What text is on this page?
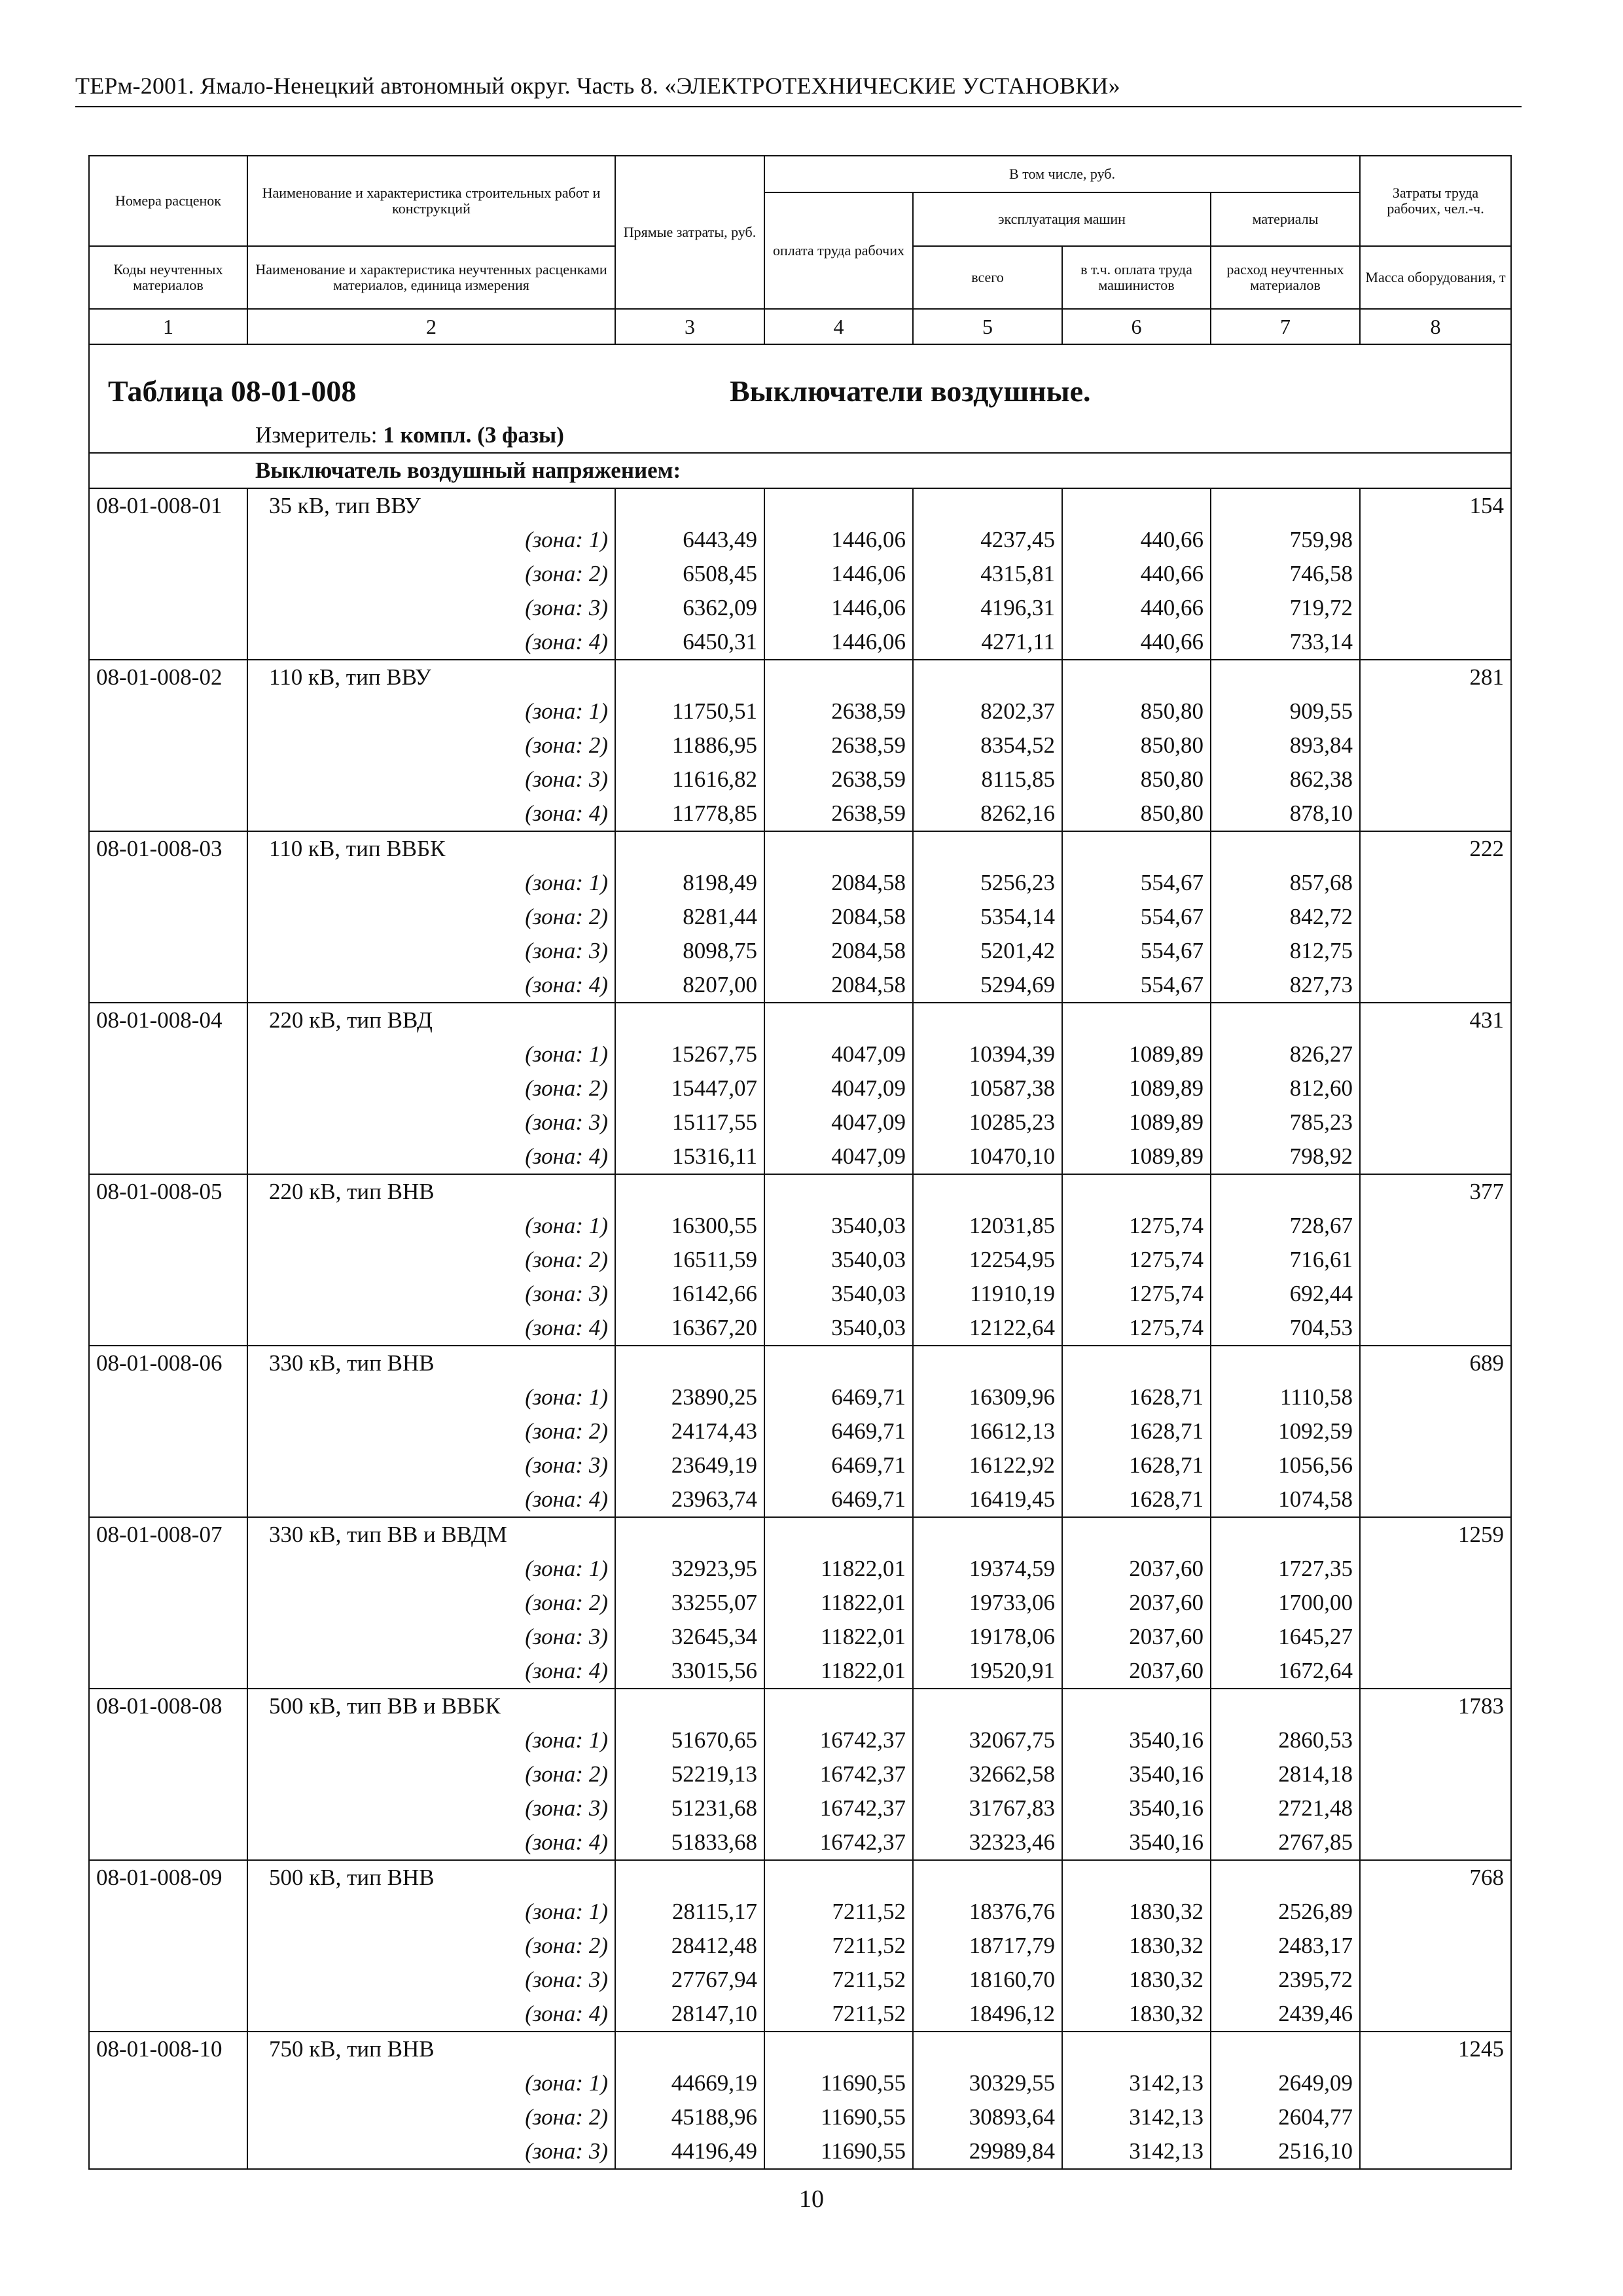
ТЕРм-2001. Ямало-Ненецкий автономный округ. Часть 8. «ЭЛЕКТРОТЕХНИЧЕСКИЕ УСТАНОВКИ»
Номера расценок	Наименование и характеристика строительных работ и конструкций	Прямые затраты, руб.	В том числе, руб.				Затраты труда рабочих, чел.-ч.
			оплата труда рабочих	эксплуатация машин		материалы	
Коды неучтенных материалов	Наименование и характеристика неучтенных расценками материалов, единица измерения			всего	в т.ч. оплата труда машинистов	расход неучтенных материалов	Масса оборудования, т
1	2	3	4	5	6	7	8

Таблица 08-01-008 Выключатели воздушные.							

	Измеритель: 1 компл. (3 фазы)						
	Выключатель воздушный напряжением:						
08-01-008-01	35 кВ, тип ВВУ						154
	(зона: 1)	6443,49	1446,06	4237,45	440,66	759,98	
	(зона: 2)	6508,45	1446,06	4315,81	440,66	746,58	
	(зона: 3)	6362,09	1446,06	4196,31	440,66	719,72	
	(зона: 4)	6450,31	1446,06	4271,11	440,66	733,14	
08-01-008-02	110 кВ, тип ВВУ						281
	(зона: 1)	11750,51	2638,59	8202,37	850,80	909,55	
	(зона: 2)	11886,95	2638,59	8354,52	850,80	893,84	
	(зона: 3)	11616,82	2638,59	8115,85	850,80	862,38	
	(зона: 4)	11778,85	2638,59	8262,16	850,80	878,10	
08-01-008-03	110 кВ, тип ВВБК						222
	(зона: 1)	8198,49	2084,58	5256,23	554,67	857,68	
	(зона: 2)	8281,44	2084,58	5354,14	554,67	842,72	
	(зона: 3)	8098,75	2084,58	5201,42	554,67	812,75	
	(зона: 4)	8207,00	2084,58	5294,69	554,67	827,73	
08-01-008-04	220 кВ, тип ВВД						431
	(зона: 1)	15267,75	4047,09	10394,39	1089,89	826,27	
	(зона: 2)	15447,07	4047,09	10587,38	1089,89	812,60	
	(зона: 3)	15117,55	4047,09	10285,23	1089,89	785,23	
	(зона: 4)	15316,11	4047,09	10470,10	1089,89	798,92	
08-01-008-05	220 кВ, тип ВНВ						377
	(зона: 1)	16300,55	3540,03	12031,85	1275,74	728,67	
	(зона: 2)	16511,59	3540,03	12254,95	1275,74	716,61	
	(зона: 3)	16142,66	3540,03	11910,19	1275,74	692,44	
	(зона: 4)	16367,20	3540,03	12122,64	1275,74	704,53	
08-01-008-06	330 кВ, тип ВНВ						689
	(зона: 1)	23890,25	6469,71	16309,96	1628,71	1110,58	
	(зона: 2)	24174,43	6469,71	16612,13	1628,71	1092,59	
	(зона: 3)	23649,19	6469,71	16122,92	1628,71	1056,56	
	(зона: 4)	23963,74	6469,71	16419,45	1628,71	1074,58	
08-01-008-07	330 кВ, тип ВВ и ВВДМ						1259
	(зона: 1)	32923,95	11822,01	19374,59	2037,60	1727,35	
	(зона: 2)	33255,07	11822,01	19733,06	2037,60	1700,00	
	(зона: 3)	32645,34	11822,01	19178,06	2037,60	1645,27	
	(зона: 4)	33015,56	11822,01	19520,91	2037,60	1672,64	
08-01-008-08	500 кВ, тип ВВ и ВВБК						1783
	(зона: 1)	51670,65	16742,37	32067,75	3540,16	2860,53	
	(зона: 2)	52219,13	16742,37	32662,58	3540,16	2814,18	
	(зона: 3)	51231,68	16742,37	31767,83	3540,16	2721,48	
	(зона: 4)	51833,68	16742,37	32323,46	3540,16	2767,85	
08-01-008-09	500 кВ, тип ВНВ						768
	(зона: 1)	28115,17	7211,52	18376,76	1830,32	2526,89	
	(зона: 2)	28412,48	7211,52	18717,79	1830,32	2483,17	
	(зона: 3)	27767,94	7211,52	18160,70	1830,32	2395,72	
	(зона: 4)	28147,10	7211,52	18496,12	1830,32	2439,46	
08-01-008-10	750 кВ, тип ВНВ						1245
	(зона: 1)	44669,19	11690,55	30329,55	3142,13	2649,09	
	(зона: 2)	45188,96	11690,55	30893,64	3142,13	2604,77	
	(зона: 3)	44196,49	11690,55	29989,84	3142,13	2516,10	
10
